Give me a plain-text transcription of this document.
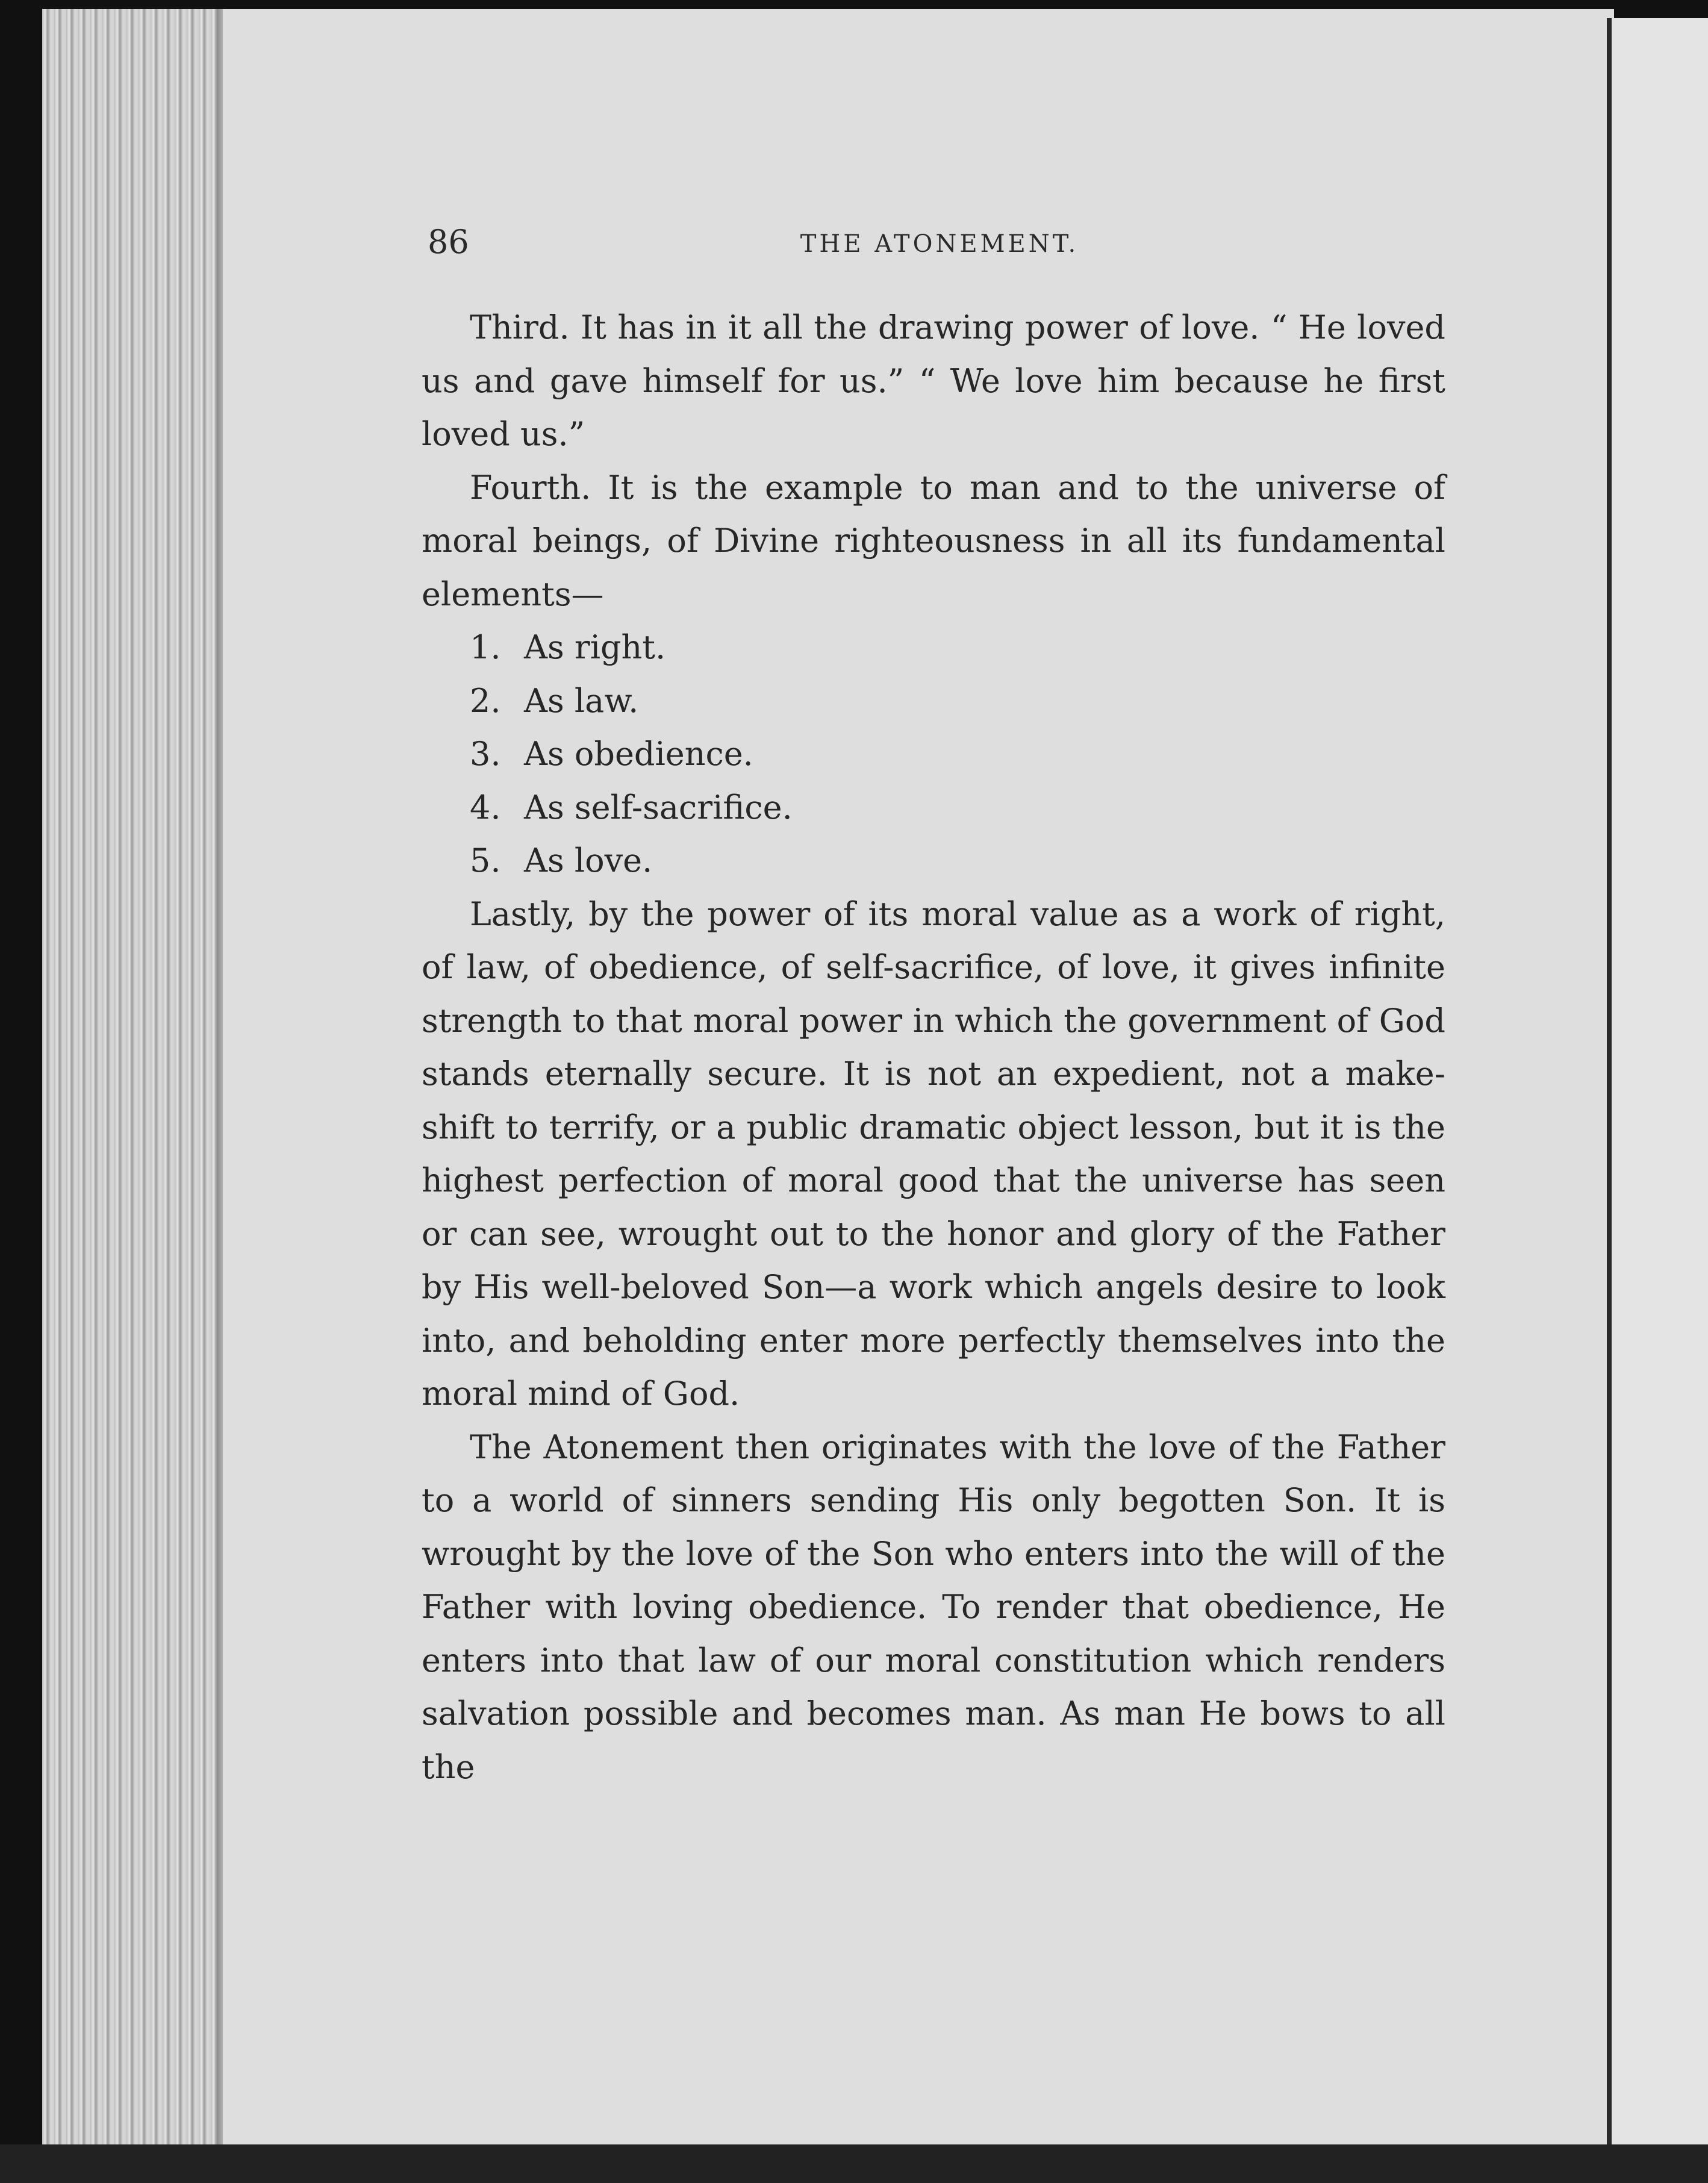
86	THE ATONEMENT.

Third. It has in it all the drawing power of love. “ He loved us and gave himself for us.” “ We love him because he first loved us.”

Fourth. It is the example to man and to the universe of moral beings, of Divine righteousness in all its fundamental elements—

1. As right.
2. As law.
3. As obedience.
4. As self-sacrifice.
5. As love.

Lastly, by the power of its moral value as a work of right, of law, of obedience, of self-sacrifice, of love, it gives infinite strength to that moral power in which the government of God stands eternally secure. It is not an expedient, not a make-shift to terrify, or a public dramatic object lesson, but it is the highest perfection of moral good that the universe has seen or can see, wrought out to the honor and glory of the Father by His well-beloved Son—a work which angels desire to look into, and beholding enter more perfectly themselves into the moral mind of God.

The Atonement then originates with the love of the Father to a world of sinners sending His only begotten Son. It is wrought by the love of the Son who enters into the will of the Father with loving obedience. To render that obedience, He enters into that law of our moral constitution which renders salvation possible and becomes man. As man He bows to all the
